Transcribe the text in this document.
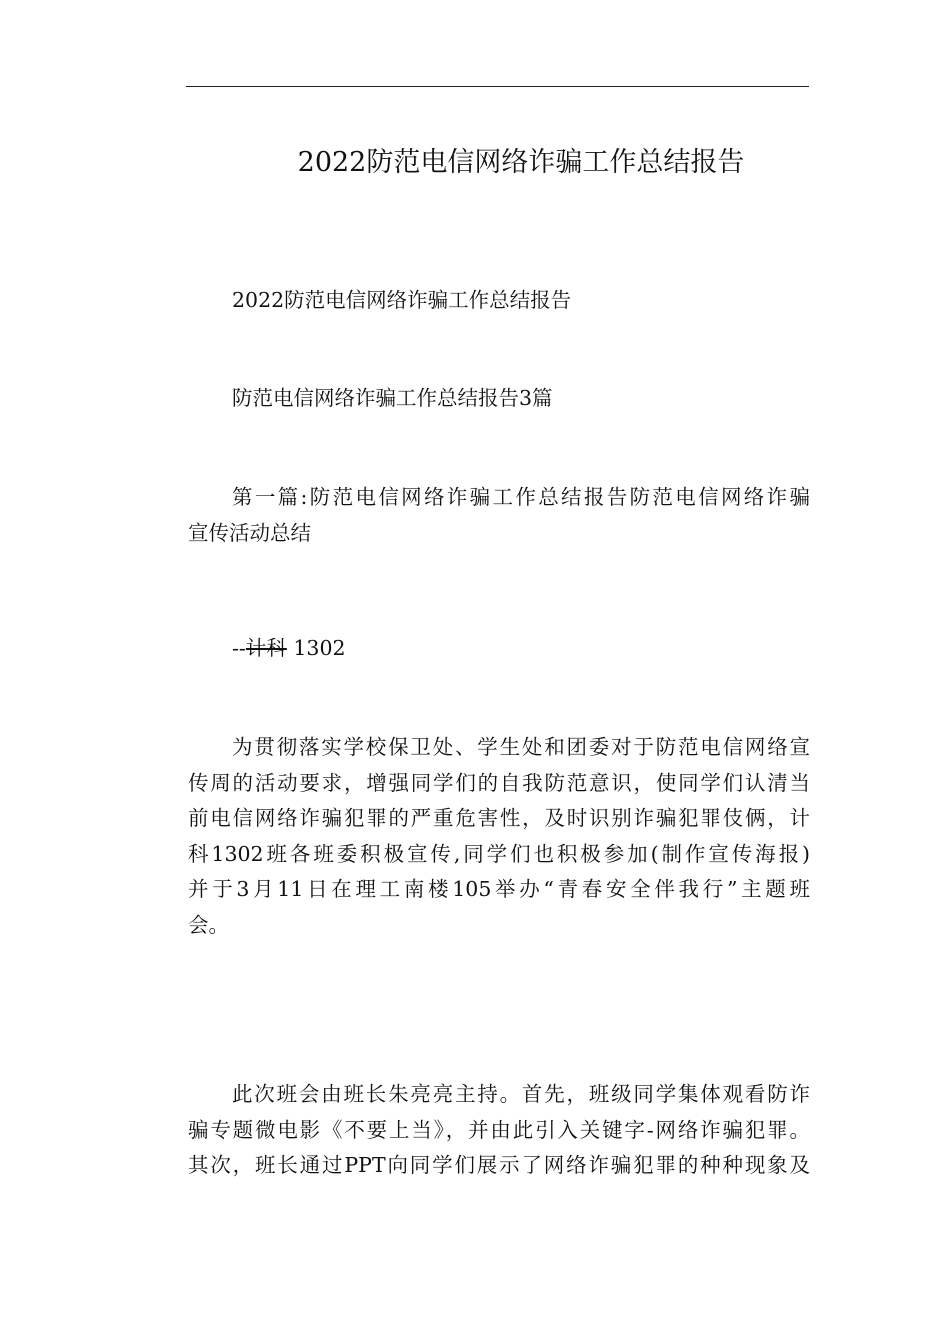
2022防范电信网络诈骗工作总结报告
2022防范电信网络诈骗工作总结报告
防范电信网络诈骗工作总结报告3篇
第一篇:防范电信网络诈骗工作总结报告防范电信网络诈骗
宣传活动总结
--计科 1302
为贯彻落实学校保卫处、学生处和团委对于防范电信网络宣
传周的活动要求，增强同学们的自我防范意识，使同学们认清当
前电信网络诈骗犯罪的严重危害性，及时识别诈骗犯罪伎俩，计
科1302班各班委积极宣传,同学们也积极参加(制作宣传海报)
并于3月11日在理工南楼105举办“青春安全伴我行”主题班
会。
此次班会由班长朱亮亮主持。首先，班级同学集体观看防诈
骗专题微电影《不要上当》，并由此引入关键字-网络诈骗犯罪。
其次，班长通过PPT向同学们展示了网络诈骗犯罪的种种现象及
